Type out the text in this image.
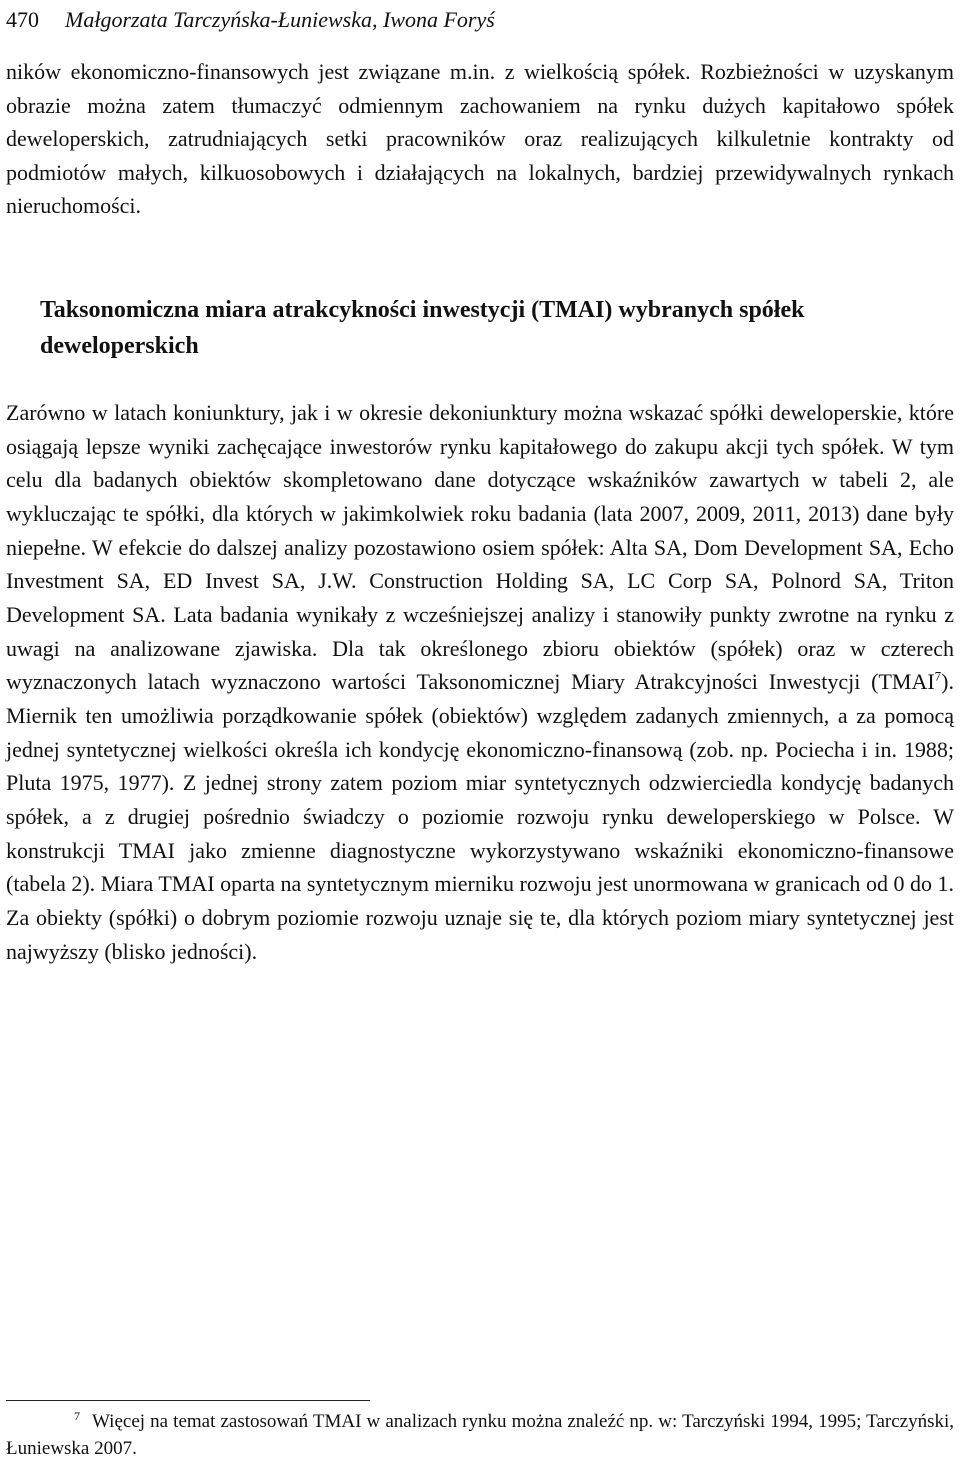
470 Małgorzata Tarczyńska-Łuniewska, Iwona Foryś

ników ekonomiczno-finansowych jest związane m.in. z wielkością spółek. Rozbieżności w uzyskanym obrazie można zatem tłumaczyć odmiennym zachowaniem na rynku dużych kapitałowo spółek deweloperskich, zatrudniających setki pracowników oraz realizujących kilkuletnie kontrakty od podmiotów małych, kilkuosobowych i działających na lokalnych, bardziej przewidywalnych rynkach nieruchomości.

Taksonomiczna miara atrakcykności inwestycji (TMAI) wybranych spółek deweloperskich

Zarówno w latach koniunktury, jak i w okresie dekoniunktury można wskazać spółki deweloperskie, które osiągają lepsze wyniki zachęcające inwestorów rynku kapitałowego do zakupu akcji tych spółek. W tym celu dla badanych obiektów skompletowano dane dotyczące wskaźników zawartych w tabeli 2, ale wykluczając te spółki, dla których w jakimkolwiek roku badania (lata 2007, 2009, 2011, 2013) dane były niepełne. W efekcie do dalszej analizy pozostawiono osiem spółek: Alta SA, Dom Development SA, Echo Investment SA, ED Invest SA, J.W. Construction Holding SA, LC Corp SA, Polnord SA, Triton Development SA. Lata badania wynikały z wcześniejszej analizy i stanowiły punkty zwrotne na rynku z uwagi na analizowane zjawiska. Dla tak określonego zbioru obiektów (spółek) oraz w czterech wyznaczonych latach wyznaczono wartości Taksonomicznej Miary Atrakcyjności Inwestycji (TMAI$^7$). Miernik ten umożliwia porządkowanie spółek (obiektów) względem zadanych zmiennych, a za pomocą jednej syntetycznej wielkości określa ich kondycję ekonomiczno-finansową (zob. np. Pociecha i in. 1988; Pluta 1975, 1977). Z jednej strony zatem poziom miar syntetycznych odzwierciedla kondycję badanych spółek, a z drugiej pośrednio świadczy o poziomie rozwoju rynku deweloperskiego w Polsce. W konstrukcji TMAI jako zmienne diagnostyczne wykorzystywano wskaźniki ekonomiczno-finansowe (tabela 2). Miara TMAI oparta na syntetycznym mierniku rozwoju jest unormowana w granicach od 0 do 1. Za obiekty (spółki) o dobrym poziomie rozwoju uznaje się te, dla których poziom miary syntetycznej jest najwyższy (blisko jedności).

7 Więcej na temat zastosowań TMAI w analizach rynku można znaleźć np. w: Tarczyński 1994, 1995; Tarczyński, Łuniewska 2007.
